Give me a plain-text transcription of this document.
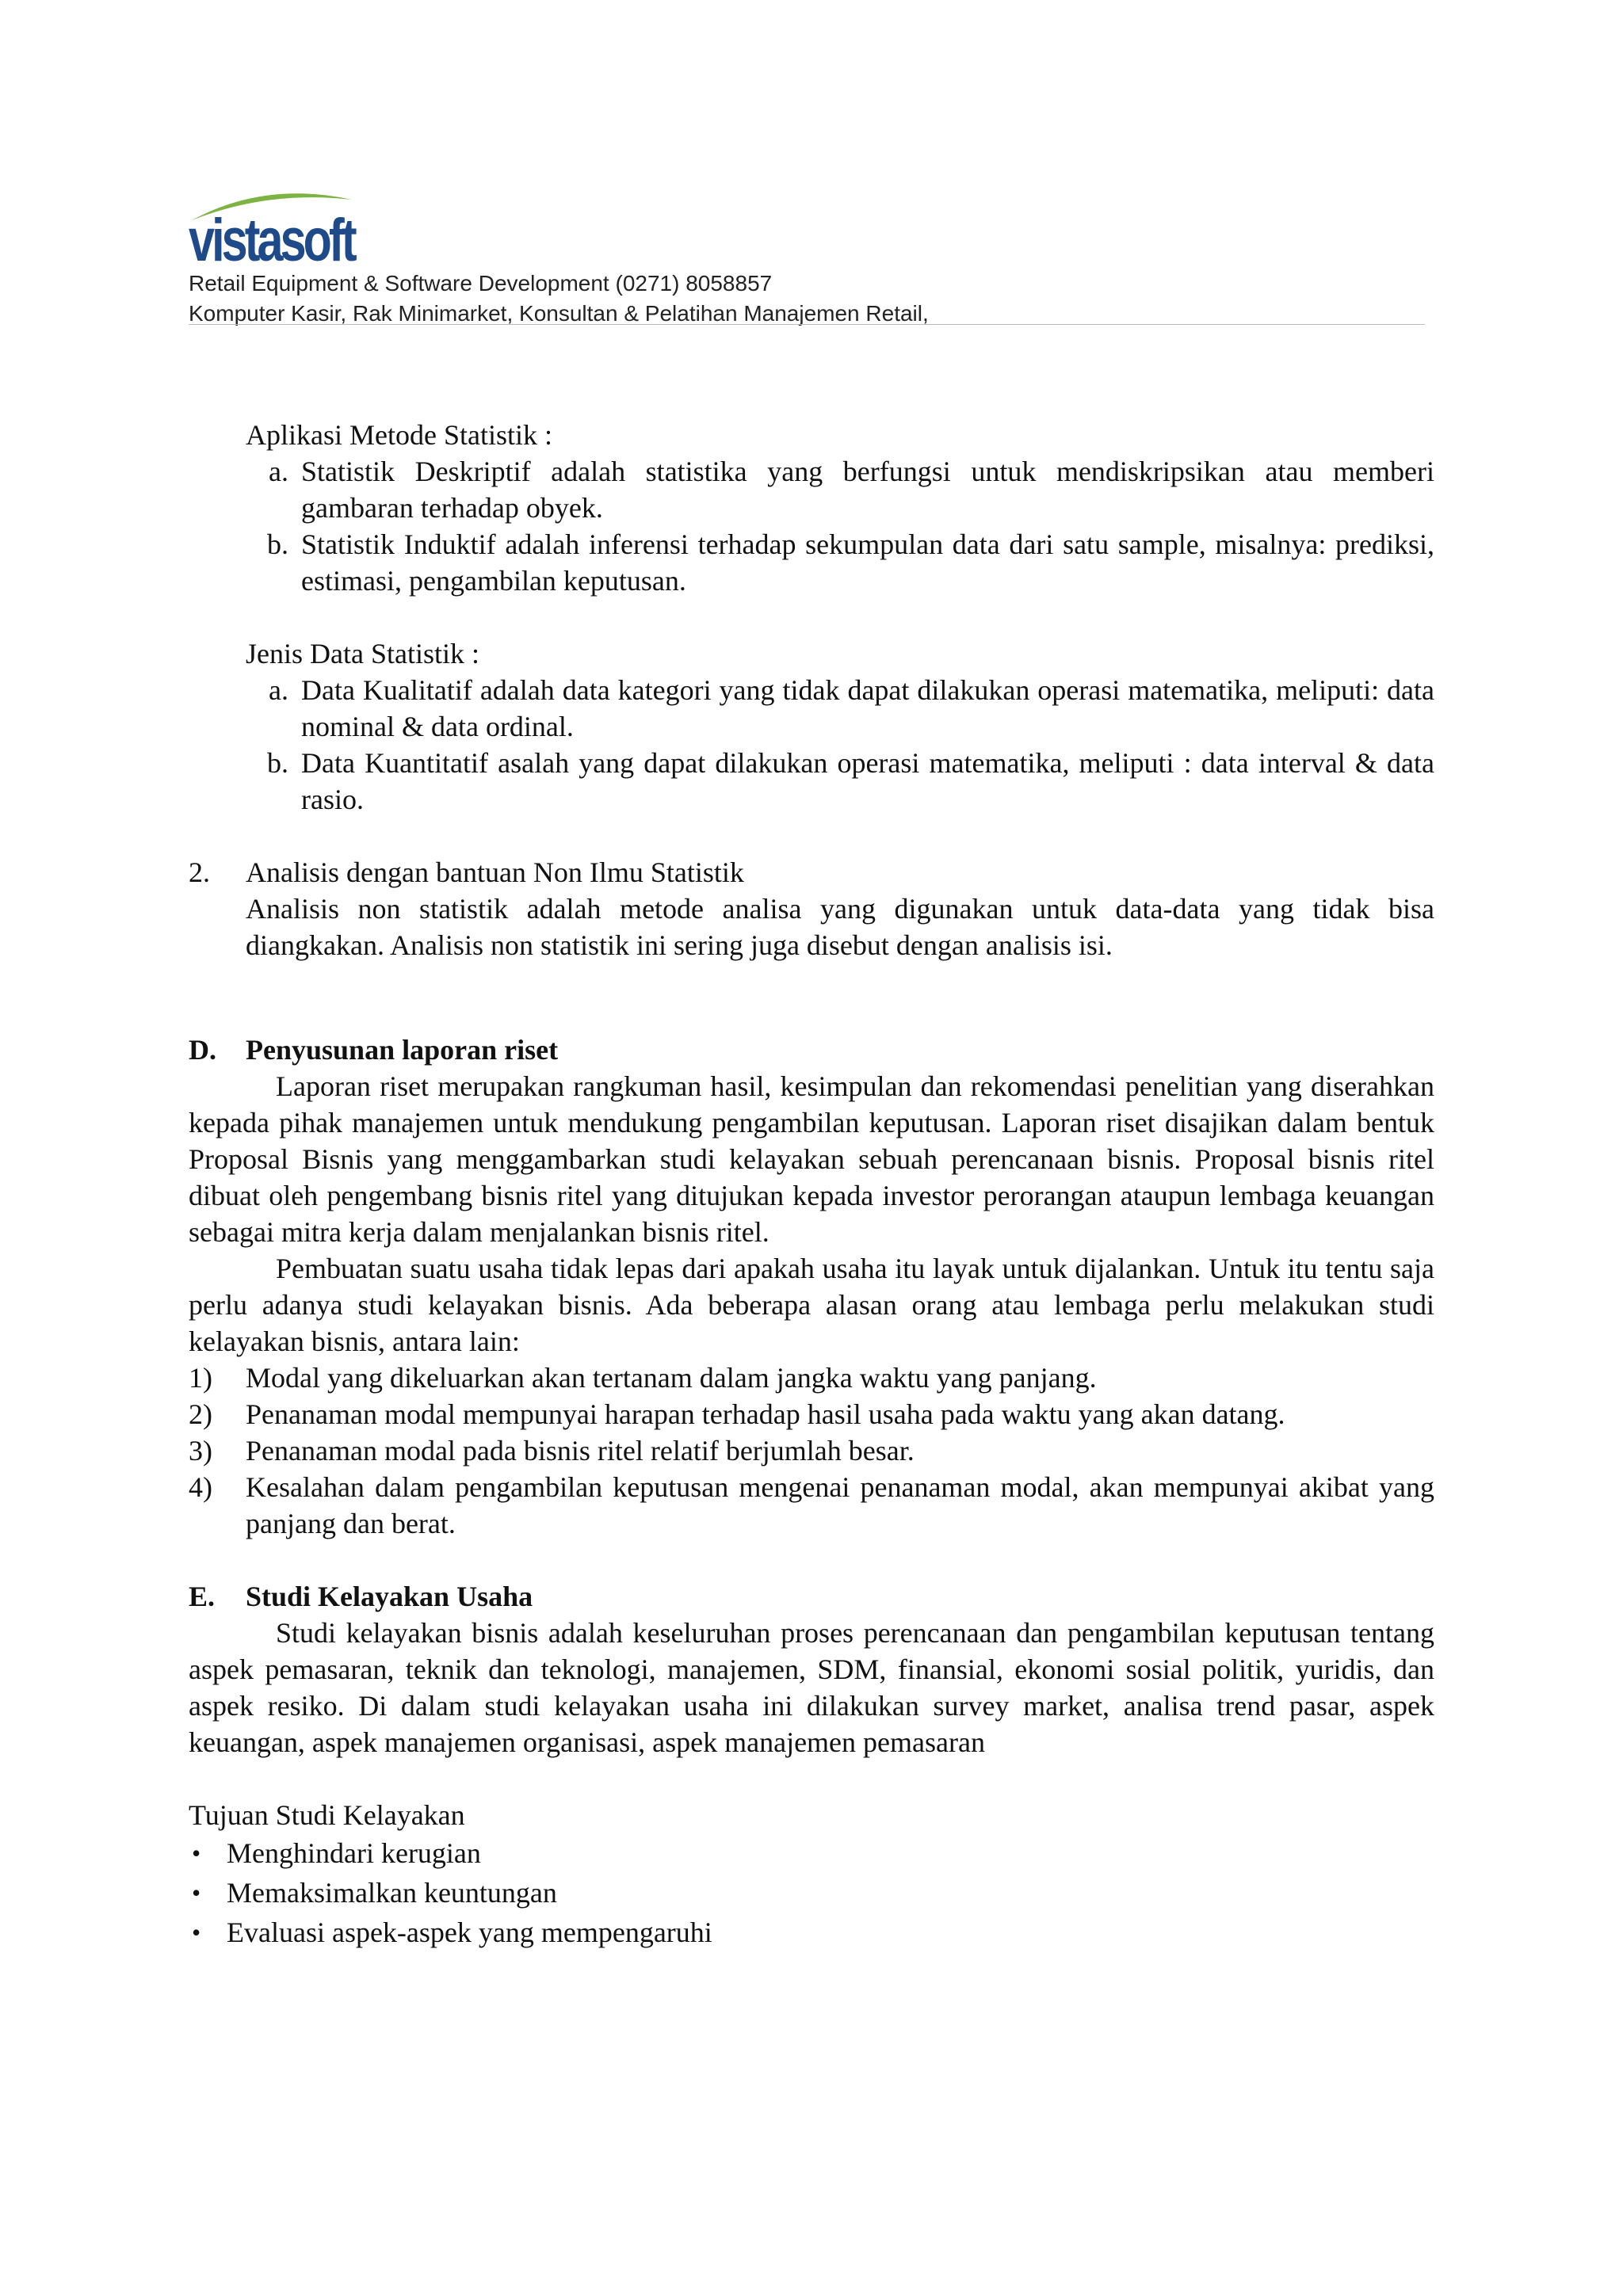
vistasoft
Retail Equipment & Software Development (0271) 8058857
Komputer Kasir, Rak Minimarket, Konsultan & Pelatihan Manajemen Retail,

Aplikasi Metode Statistik :

a. Statistik Deskriptif adalah statistika yang berfungsi untuk mendiskripsikan atau memberi gambaran terhadap obyek.
b. Statistik Induktif adalah inferensi terhadap sekumpulan data dari satu sample, misalnya: prediksi, estimasi, pengambilan keputusan.

Jenis Data Statistik :

a. Data Kualitatif adalah data kategori yang tidak dapat dilakukan operasi matematika, meliputi: data nominal & data ordinal.
b. Data Kuantitatif asalah yang dapat dilakukan operasi matematika, meliputi : data interval & data rasio.
2.	Analisis dengan bantuan Non Ilmu Statistik

Analisis non statistik adalah metode analisa yang digunakan untuk data-data yang tidak bisa diangkakan. Analisis non statistik ini sering juga disebut dengan analisis isi.

D.	Penyusunan laporan riset

Laporan riset merupakan rangkuman hasil, kesimpulan dan rekomendasi penelitian yang diserahkan kepada pihak manajemen untuk mendukung pengambilan keputusan. Laporan riset disajikan dalam bentuk Proposal Bisnis yang menggambarkan studi kelayakan sebuah perencanaan bisnis. Proposal bisnis ritel dibuat oleh pengembang bisnis ritel yang ditujukan kepada investor perorangan ataupun lembaga keuangan sebagai mitra kerja dalam menjalankan bisnis ritel.

Pembuatan suatu usaha tidak lepas dari apakah usaha itu layak untuk dijalankan. Untuk itu tentu saja perlu adanya studi kelayakan bisnis. Ada beberapa alasan orang atau lembaga perlu melakukan studi kelayakan bisnis, antara lain:

1)	Modal yang dikeluarkan akan tertanam dalam jangka waktu yang panjang.
2)	Penanaman modal mempunyai harapan terhadap hasil usaha pada waktu yang akan datang.
3)	Penanaman modal pada bisnis ritel relatif berjumlah besar.
4)	Kesalahan dalam pengambilan keputusan mengenai penanaman modal, akan mempunyai akibat yang panjang dan berat.
E.	Studi Kelayakan Usaha

Studi kelayakan bisnis adalah keseluruhan proses perencanaan dan pengambilan keputusan tentang aspek pemasaran, teknik dan teknologi, manajemen, SDM, finansial, ekonomi sosial politik, yuridis, dan aspek resiko. Di dalam studi kelayakan usaha ini dilakukan survey market, analisa trend pasar, aspek keuangan, aspek manajemen organisasi, aspek manajemen pemasaran

Tujuan Studi Kelayakan

• Menghindari kerugian
• Memaksimalkan keuntungan
• Evaluasi aspek-aspek yang mempengaruhi
